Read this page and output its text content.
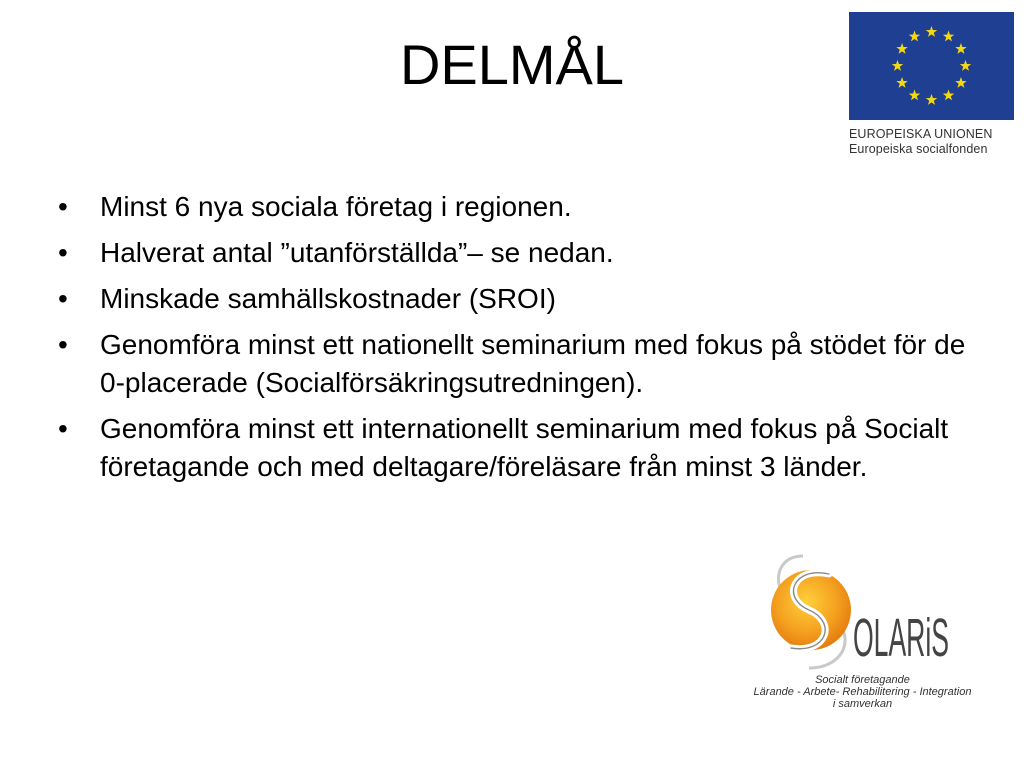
DELMÅL
EUROPEISKA UNIONEN
Europeiska socialfonden
• Minst 6 nya sociala företag i regionen.
• Halverat antal ”utanförställda”– se nedan.
• Minskade samhällskostnader (SROI)
• Genomföra minst ett nationellt seminarium med fokus på stödet för de 0-placerade (Socialförsäkringsutredningen).
• Genomföra minst ett internationellt seminarium med fokus på Socialt företagande och med deltagare/föreläsare från minst 3 länder.
OLARiS
Socialt företagande
Lärande - Arbete- Rehabilitering - Integration
i samverkan
